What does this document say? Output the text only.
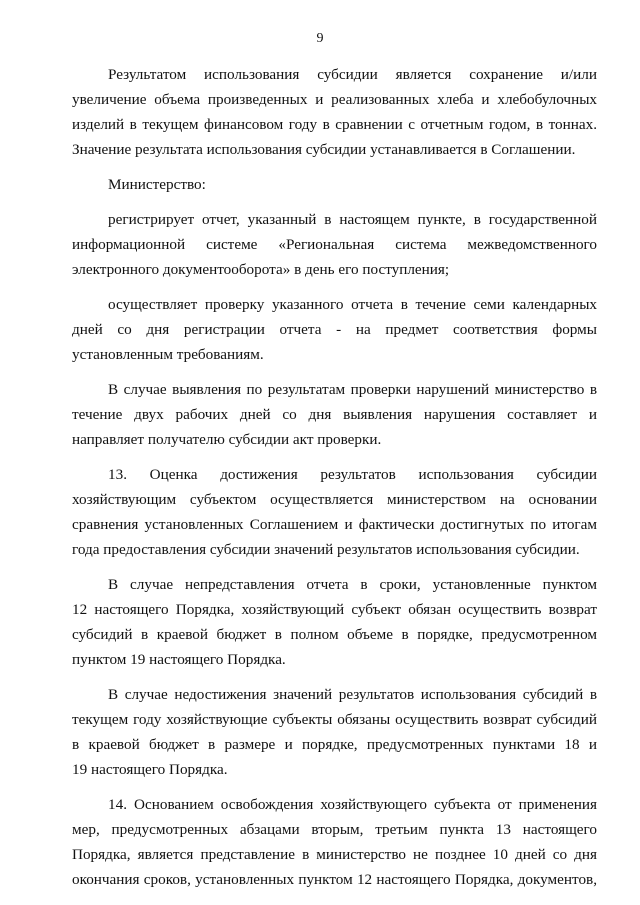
9
Результатом использования субсидии является сохранение и/или
увеличение объема произведенных и реализованных хлеба и хлебобулочных
изделий в текущем финансовом году в сравнении с отчетным годом, в тоннах.
Значение результата использования субсидии устанавливается в Соглашении.
Министерство:
регистрирует отчет, указанный в настоящем пункте, в государственной
информационной системе «Региональная система межведомственного
электронного документооборота» в день его поступления;
осуществляет проверку указанного отчета в течение семи календарных
дней со дня регистрации отчета - на предмет соответствия формы
установленным требованиям.
В случае выявления по результатам проверки нарушений министерство в
течение двух рабочих дней со дня выявления нарушения составляет и
направляет получателю субсидии акт проверки.
13. Оценка достижения результатов использования субсидии
хозяйствующим субъектом осуществляется министерством на основании
сравнения установленных Соглашением и фактически достигнутых по итогам
года предоставления субсидии значений результатов использования субсидии.
В случае непредставления отчета в сроки, установленные пунктом
12 настоящего Порядка, хозяйствующий субъект обязан осуществить возврат
субсидий в краевой бюджет в полном объеме в порядке, предусмотренном
пунктом 19 настоящего Порядка.
В случае недостижения значений результатов использования субсидий в
текущем году хозяйствующие субъекты обязаны осуществить возврат субсидий
в краевой бюджет в размере и порядке, предусмотренных пунктами 18 и
19 настоящего Порядка.
14. Основанием освобождения хозяйствующего субъекта от применения
мер, предусмотренных абзацами вторым, третьим пункта 13 настоящего
Порядка, является представление в министерство не позднее 10 дней со дня
окончания сроков, установленных пунктом 12 настоящего Порядка, документов,
